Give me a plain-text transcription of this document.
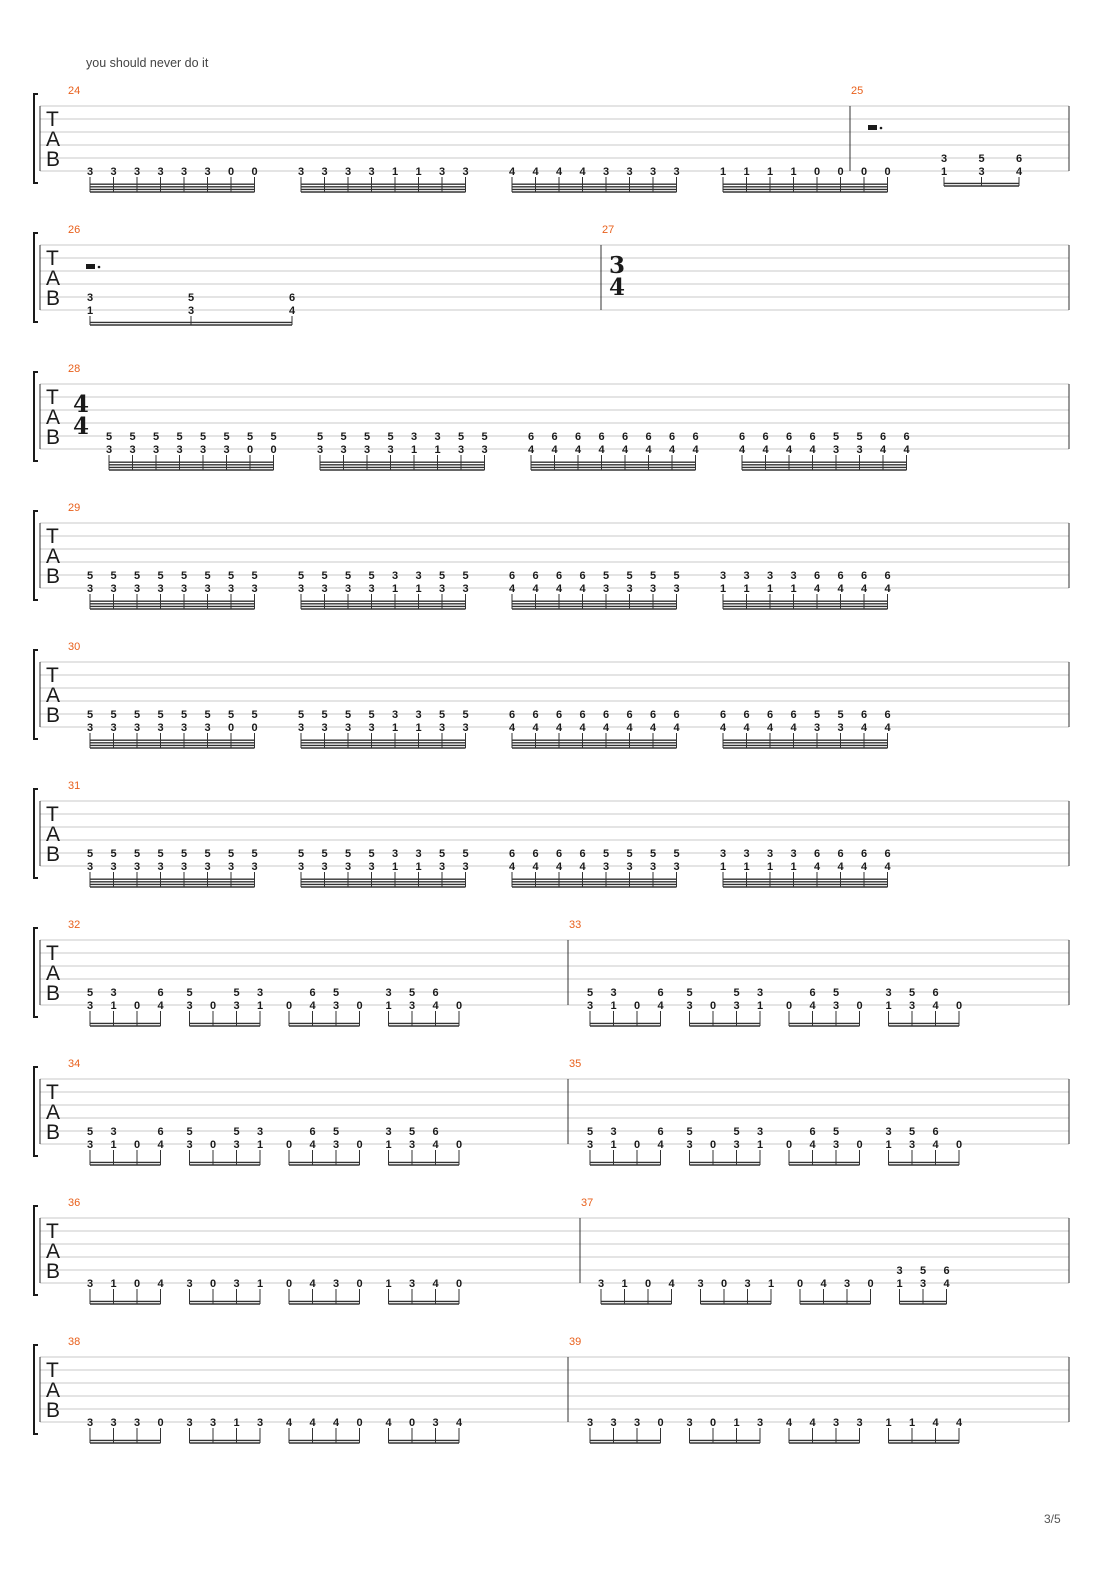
you should never do it
T
A
B
24
3 3 3 3 3 3 0 0	3 3 3 3 1 1 3 3	4 4 4 4 3 3 3 3	1 1 1 1 0 0 0 0
25
3
1
5
3
6
4
T
A
B
26
3
1
5
3
6
4
27
3
4
T
A
B
28
4
4 5
3
5
3
5
3
5
3
5
3
5
3
5
0
5
0
5
3
5
3
5
3
5
3
3
1
3
1
5
3
5
3
6
4
6
4
6
4
6
4
6
4
6
4
6
4
6
4
6
4
6
4
6
4
6
4
5
3
5
3
6
4
6
4
T
A
B
29
5
3
5
3
5
3
5
3
5
3
5
3
5
3
5
3
5
3
5
3
5
3
5
3
3
1
3
1
5
3
5
3
6
4
6
4
6
4
6
4
5
3
5
3
5
3
5
3
3
1
3
1
3
1
3
1
6
4
6
4
6
4
6
4
T
A
B
30
5
3
5
3
5
3
5
3
5
3
5
3
5
0
5
0
5
3
5
3
5
3
5
3
3
1
3
1
5
3
5
3
6
4
6
4
6
4
6
4
6
4
6
4
6
4
6
4
6
4
6
4
6
4
6
4
5
3
5
3
6
4
6
4
T
A
B
31
5
3
5
3
5
3
5
3
5
3
5
3
5
3
5
3
5
3
5
3
5
3
5
3
3
1
3
1
5
3
5
3
6
4
6
4
6
4
6
4
5
3
5
3
5
3
5
3
3
1
3
1
3
1
3
1
6
4
6
4
6
4
6
4
T
A
B
32
5
3
3
1 0
6
4
5
3 0
5
3
3
1 0
6
4
5
3 0
3
1
5
3
6
4 0
33
5
3
3
1 0
6
4
5
3 0
5
3
3
1 0
6
4
5
3 0
3
1
5
3
6
4 0
T
A
B
34
5
3
3
1 0
6
4
5
3 0
5
3
3
1 0
6
4
5
3 0
3
1
5
3
6
4 0
35
5
3
3
1 0
6
4
5
3 0
5
3
3
1 0
6
4
5
3 0
3
1
5
3
6
4 0
T
A
B
36
3 1 0 4 3 0 3 1 0 4 3 0 1 3 4 0
37
3 1 0 4 3 0 3 1 0 4 3 0
3
1
5
3
6
4
T
A
B
38
3 3 3 0 3 3 1 3 4 4 4 0 4 0 3 4
39
3 3 3 0 3 0 1 3 4 4 3 3 1 1 4 4
3/5
